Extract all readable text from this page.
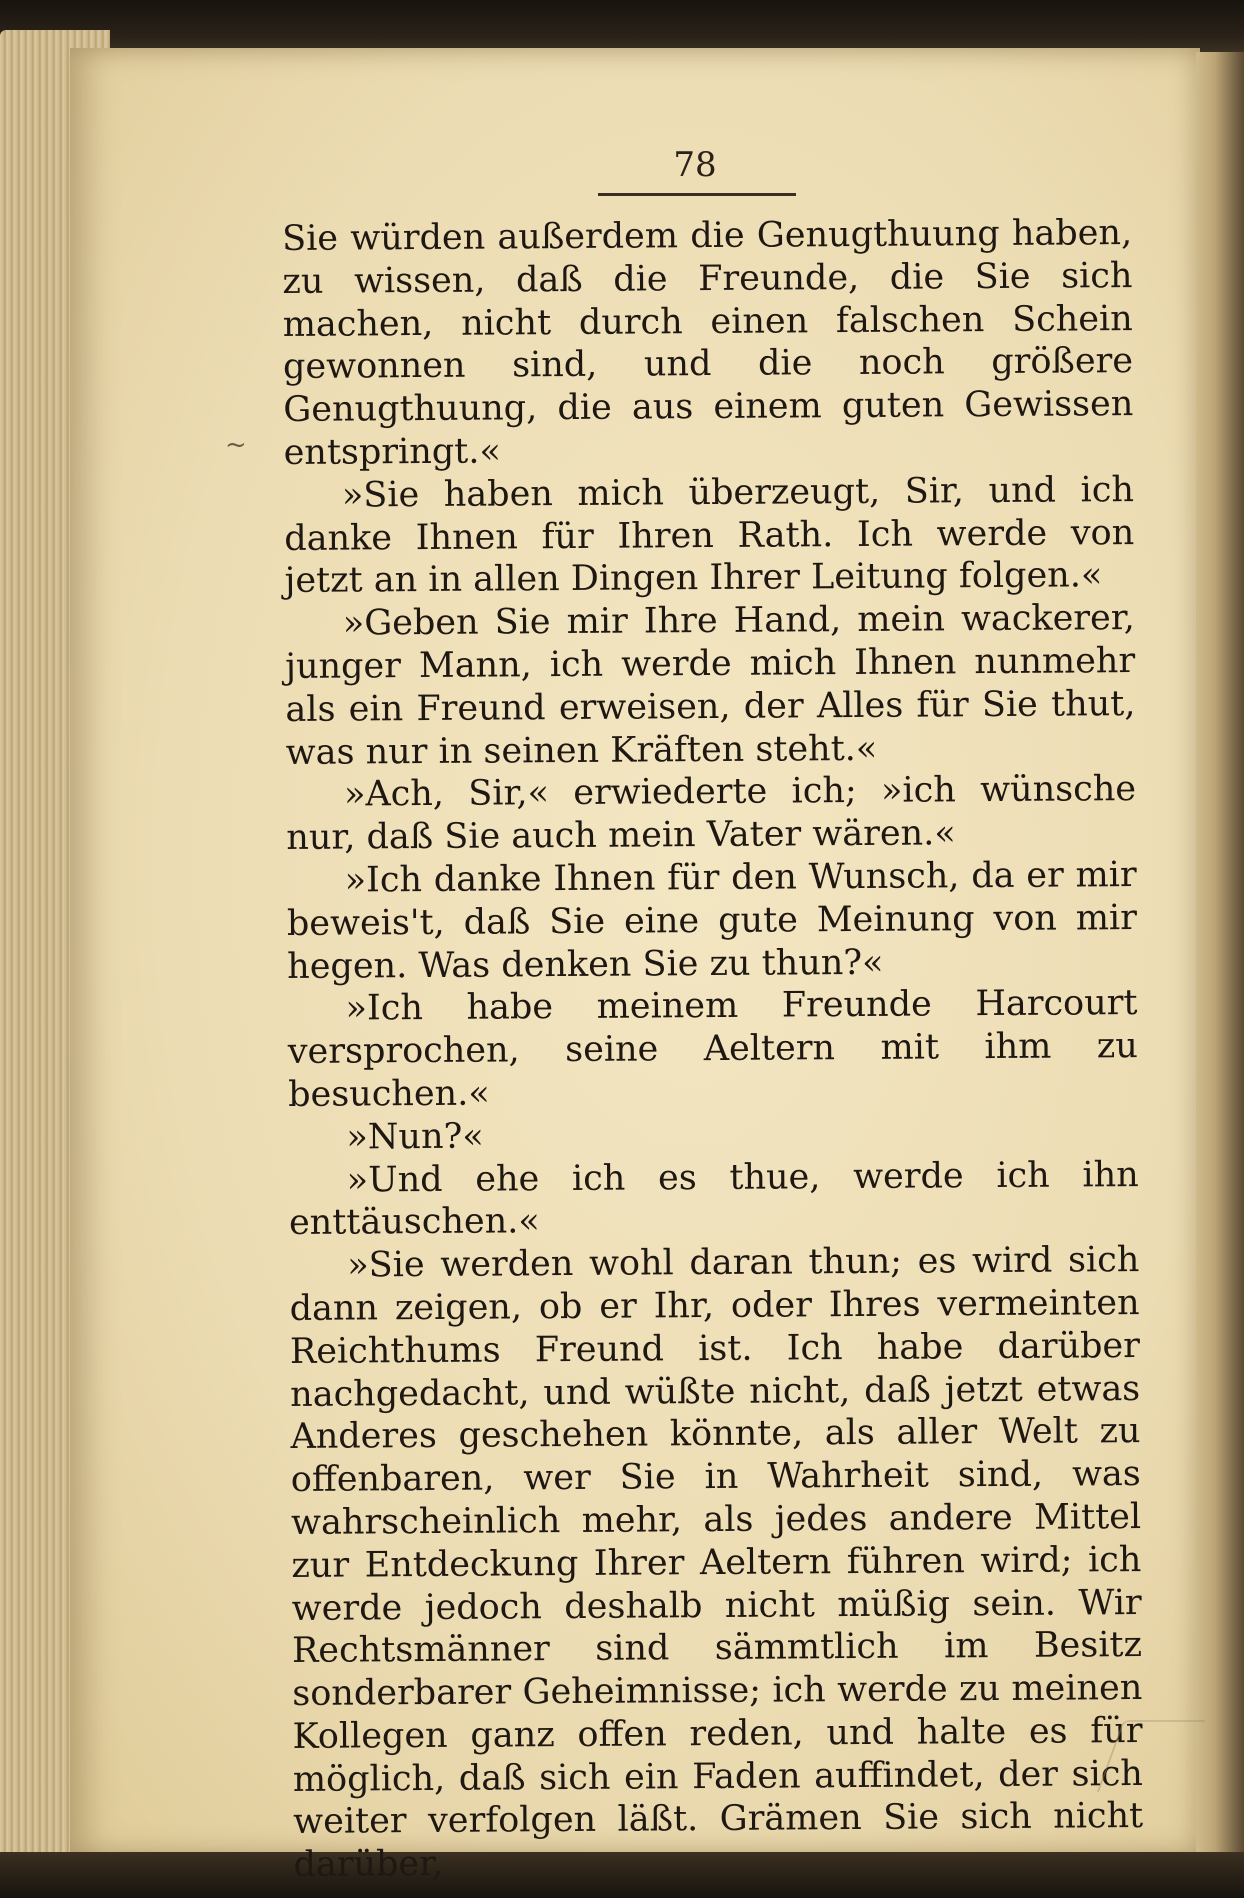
78
~

Sie würden außerdem die Genugthuung haben, zu wissen, daß die Freunde, die Sie sich machen, nicht durch einen falschen Schein gewonnen sind, und die noch größere Genugthuung, die aus einem guten Gewissen entspringt.«

»Sie haben mich überzeugt, Sir, und ich danke Ihnen für Ihren Rath. Ich werde von jetzt an in allen Dingen Ihrer Leitung folgen.«

»Geben Sie mir Ihre Hand, mein wackerer, junger Mann, ich werde mich Ihnen nunmehr als ein Freund erweisen, der Alles für Sie thut, was nur in seinen Kräften steht.«

»Ach, Sir,« erwiederte ich; »ich wünsche nur, daß Sie auch mein Vater wären.«

»Ich danke Ihnen für den Wunsch, da er mir beweis't, daß Sie eine gute Meinung von mir hegen. Was denken Sie zu thun?«

»Ich habe meinem Freunde Harcourt versprochen, seine Aeltern mit ihm zu besuchen.«

»Nun?«

»Und ehe ich es thue, werde ich ihn enttäuschen.«

»Sie werden wohl daran thun; es wird sich dann zeigen, ob er Ihr, oder Ihres vermeinten Reichthums Freund ist. Ich habe darüber nachgedacht, und wüßte nicht, daß jetzt etwas Anderes geschehen könnte, als aller Welt zu offenbaren, wer Sie in Wahrheit sind, was wahrscheinlich mehr, als jedes andere Mittel zur Entdeckung Ihrer Aeltern führen wird; ich werde jedoch deshalb nicht müßig sein. Wir Rechtsmänner sind sämmtlich im Besitz sonderbarer Geheimnisse; ich werde zu meinen Kollegen ganz offen reden, und halte es für möglich, daß sich ein Faden auffindet, der sich weiter verfolgen läßt. Grämen Sie sich nicht darüber,
